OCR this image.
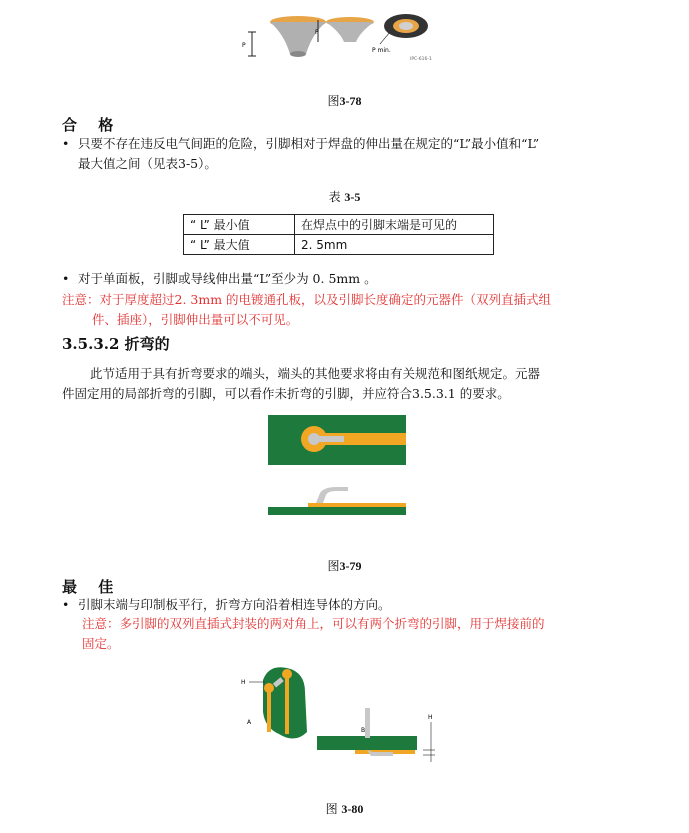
P
P
P min.
IPC-616-1
图3-78
合 格
• 只要不存在违反电气间距的危险，引脚相对于焊盘的伸出量在规定的“L”最小值和“L”
最大值之间（见表3-5）。
表 3-5
“ L” 最小值	在焊点中的引脚末端是可见的
“ L” 最大值	2. 5mm
• 对于单面板，引脚或导线伸出量“L”至少为 0. 5mm 。
注意：对于厚度超过2. 3mm 的电镀通孔板，以及引脚长度确定的元器件（双列直插式组
件、插座），引脚伸出量可以不可见。
3.5.3.2 折弯的
此节适用于具有折弯要求的端头，端头的其他要求将由有关规范和图纸规定。元器
件固定用的局部折弯的引脚，可以看作未折弯的引脚，并应符合3.5.3.1 的要求。
图3-79
最 佳
• 引脚末端与印制板平行，折弯方向沿着相连导体的方向。
注意：多引脚的双列直插式封装的两对角上，可以有两个折弯的引脚，用于焊接前的
固定。
H
A
B
H
图 3-80
